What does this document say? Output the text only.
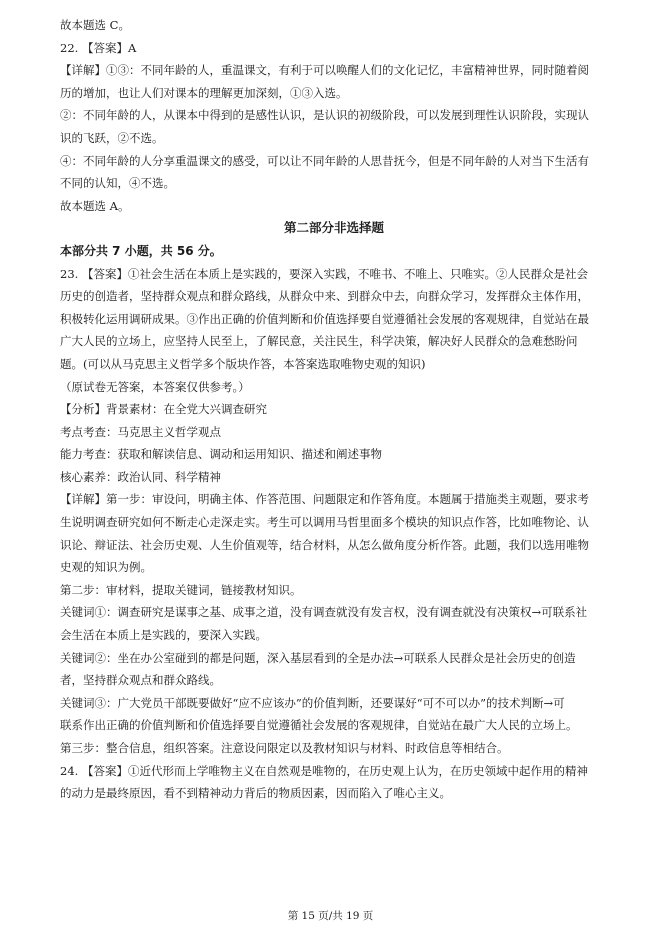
故本题选 C。
22. 【答案】A
【详解】①③：不同年龄的人，重温课文，有利于可以唤醒人们的文化记忆，丰富精神世界，同时随着阅
历的增加，也让人们对课本的理解更加深刻，①③入选。
②：不同年龄的人，从课本中得到的是感性认识，是认识的初级阶段，可以发展到理性认识阶段，实现认
识的飞跃，②不选。
④：不同年龄的人分享重温课文的感受，可以让不同年龄的人思昔抚今，但是不同年龄的人对当下生活有
不同的认知，④不选。
故本题选 A。
第二部分非选择题
本部分共 7 小题，共 56 分。
23. 【答案】①社会生活在本质上是实践的，要深入实践，不唯书、不唯上、只唯实。②人民群众是社会
历史的创造者，坚持群众观点和群众路线，从群众中来、到群众中去，向群众学习，发挥群众主体作用，
积极转化运用调研成果。③作出正确的价值判断和价值选择要自觉遵循社会发展的客观规律，自觉站在最
广大人民的立场上，应坚持人民至上，了解民意，关注民生，科学决策，解决好人民群众的急难愁盼问
题。(可以从马克思主义哲学多个版块作答，本答案选取唯物史观的知识)
（原试卷无答案，本答案仅供参考。）
【分析】背景素材：在全党大兴调查研究
考点考查：马克思主义哲学观点
能力考查：获取和解读信息、调动和运用知识、描述和阐述事物
核心素养：政治认同、科学精神
【详解】第一步：审设问，明确主体、作答范围、问题限定和作答角度。本题属于措施类主观题，要求考
生说明调查研究如何不断走心走深走实。考生可以调用马哲里面多个模块的知识点作答，比如唯物论、认
识论、辩证法、社会历史观、人生价值观等，结合材料，从怎么做角度分析作答。此题，我们以选用唯物
史观的知识为例。
第二步：审材料，提取关键词，链接教材知识。
关键词①：调查研究是谋事之基、成事之道，没有调查就没有发言权，没有调查就没有决策权→可联系社
会生活在本质上是实践的，要深入实践。
关键词②：坐在办公室碰到的都是问题，深入基层看到的全是办法→可联系人民群众是社会历史的创造
者，坚持群众观点和群众路线。
关键词③：广大党员干部既要做好“应不应该办”的价值判断，还要谋好“可不可以办”的技术判断→可
联系作出正确的价值判断和价值选择要自觉遵循社会发展的客观规律，自觉站在最广大人民的立场上。
第三步：整合信息，组织答案。注意设问限定以及教材知识与材料、时政信息等相结合。
24. 【答案】①近代形而上学唯物主义在自然观是唯物的，在历史观上认为，在历史领域中起作用的精神
的动力是最终原因，看不到精神动力背后的物质因素，因而陷入了唯心主义。
第 15 页/共 19 页
